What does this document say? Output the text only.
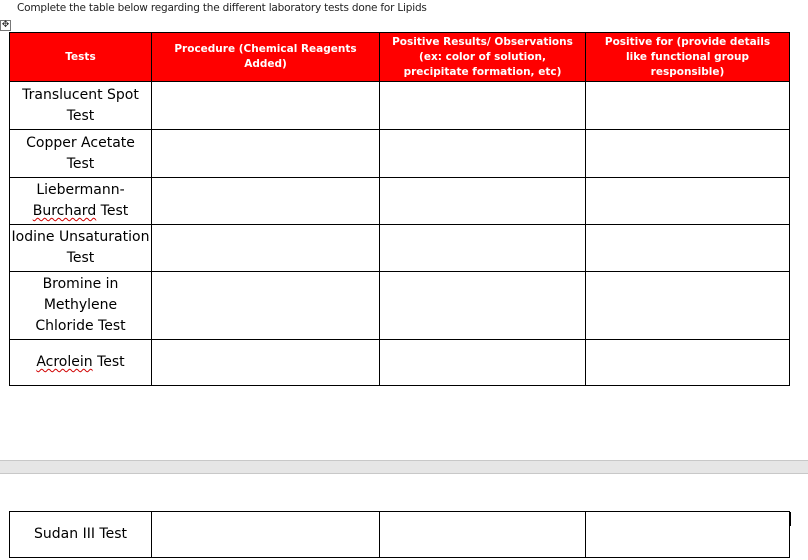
Complete the table below regarding the different laboratory tests done for Lipids
✥
Tests	Procedure (Chemical Reagents Added)	Positive Results/ Observations (ex: color of solution, precipitate formation, etc)	Positive for (provide details like functional group responsible)
Translucent Spot Test			
Copper Acetate Test			
Liebermann-
Burchard Test			
Iodine Unsaturation Test			
Bromine in Methylene Chloride Test			
Acrolein Test			
Sudan III Test			
